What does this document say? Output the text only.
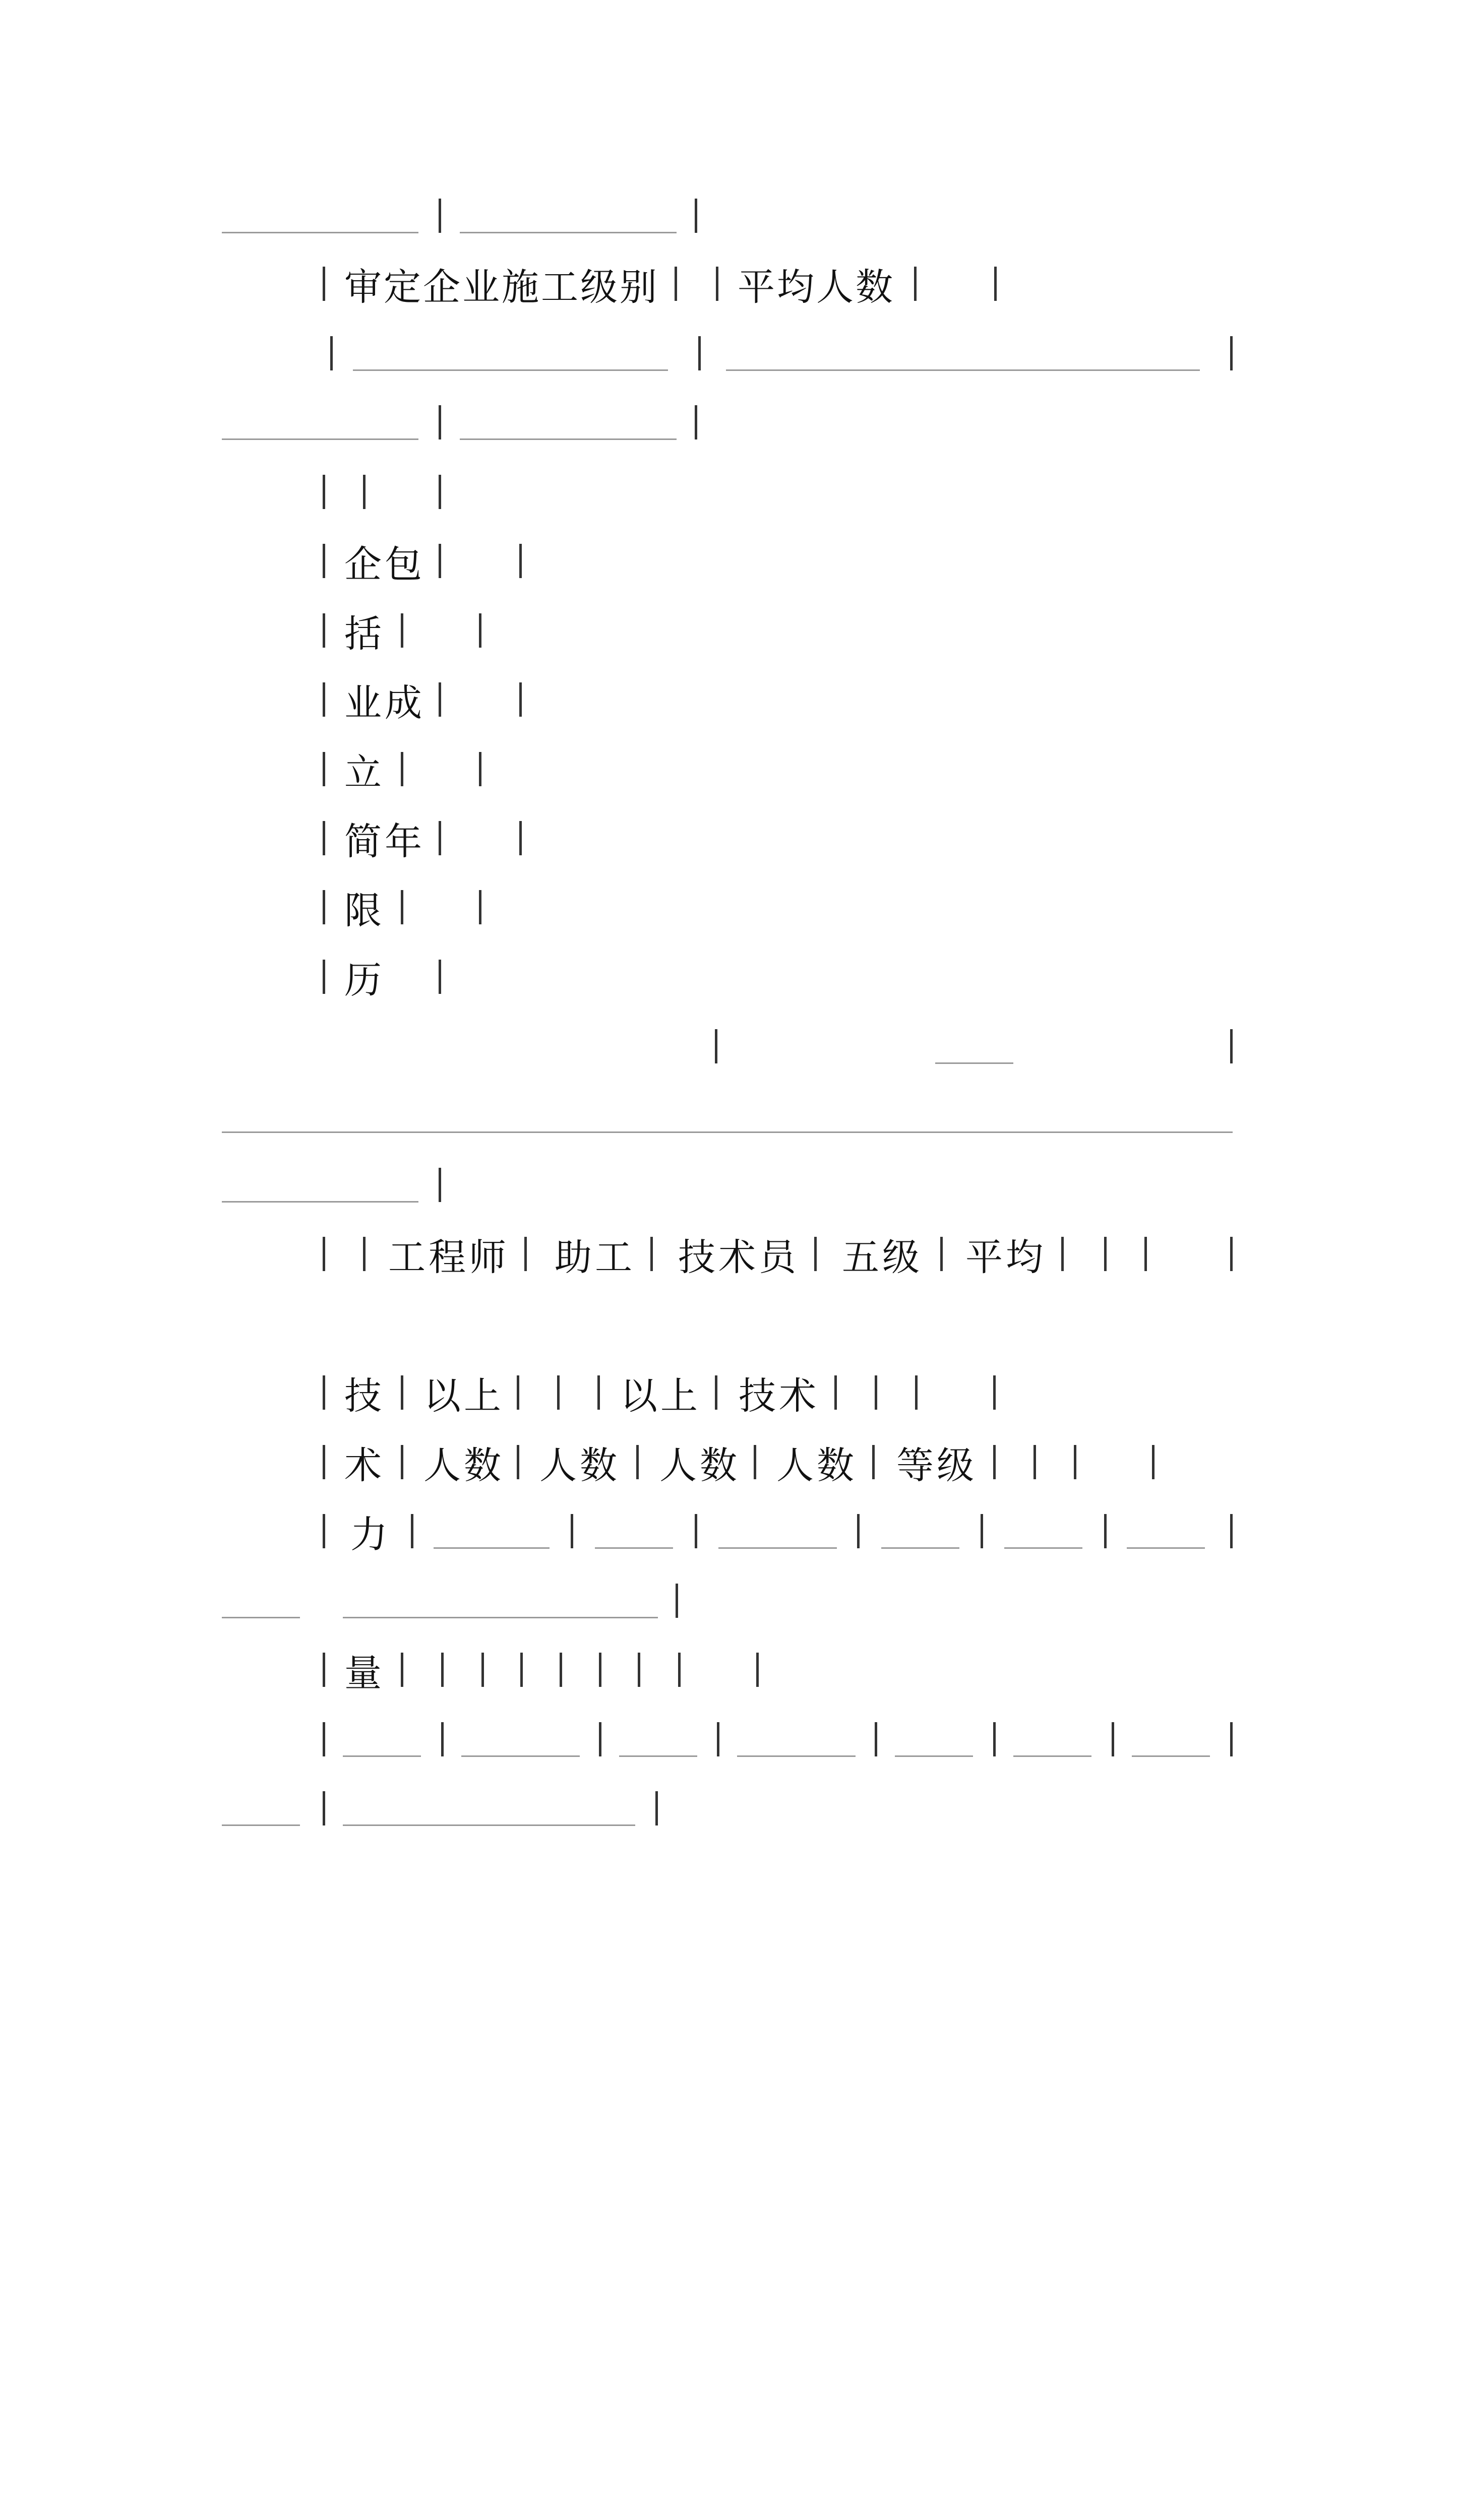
审定企业施工级别

平均人数

企包

括

业成

立

简年

限

历

工程师

助工

技术员

五级

平均

技

以上

	以上

技术

术

人数

人数

人数

人数

等级

力

量
